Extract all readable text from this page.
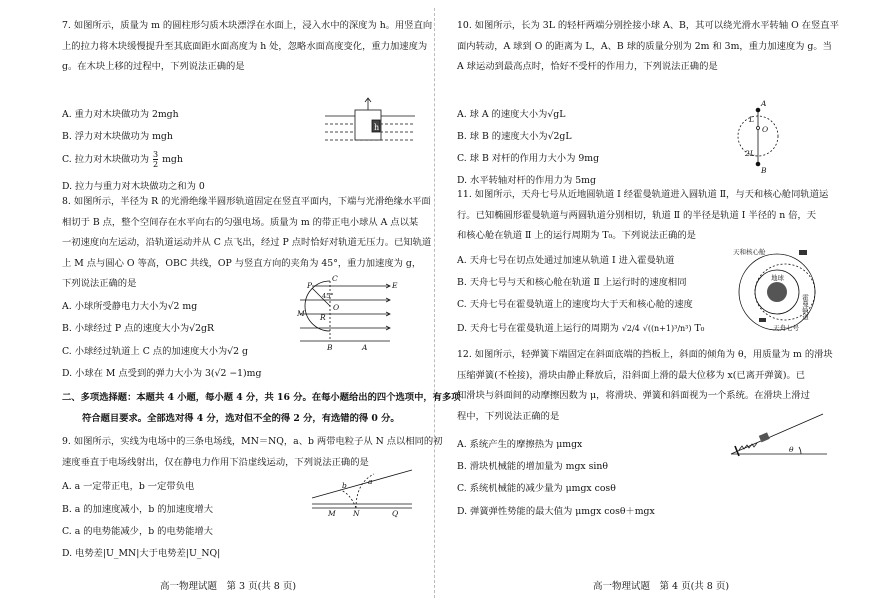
7. 如图所示，质量为 m 的圆柱形匀质木块漂浮在水面上，浸入水中的深度为 h。用竖直向
上的拉力将木块缓慢提升至其底面距水面高度为 h 处，忽略水面高度变化，重力加速度为
g。在木块上移的过程中，下列说法正确的是
A. 重力对木块做功为 2mgh
B. 浮力对木块做功为 mgh
C. 拉力对木块做功为 $\frac{3}{2}$ mgh
D. 拉力与重力对木块做功之和为 0
h
8. 如图所示，半径为 R 的光滑绝缘半圆形轨道固定在竖直平面内，下端与光滑绝缘水平面
相切于 B 点，整个空间存在水平向右的匀强电场。质量为 m 的带正电小球从 A 点以某
一初速度向左运动，沿轨道运动并从 C 点飞出，经过 P 点时恰好对轨道无压力。已知轨道
上 M 点与圆心 O 等高，OBC 共线，OP 与竖直方向的夹角为 45°，重力加速度为 g，
下列说法正确的是
A. 小球所受静电力大小为√2 mg
B. 小球经过 P 点的速度大小为√2gR
C. 小球经过轨道上 C 点的加速度大小为√2 g
D. 小球在 M 点受到的弹力大小为 3(√2 −1)mg
C
P	E
M
O
R
B	A
45°
二、多项选择题：本题共 4 小题，每小题 4 分，共 16 分。在每小题给出的四个选项中，有多项
符合题目要求。全部选对得 4 分，选对但不全的得 2 分，有选错的得 0 分。
9. 如图所示，实线为电场中的三条电场线，MN＝NQ，a、b 两带电粒子从 N 点以相同的初
速度垂直于电场线射出，仅在静电力作用下沿虚线运动，下列说法正确的是
A. a 一定带正电，b 一定带负电
B. a 的加速度减小，b 的加速度增大
C. a 的电势能减少，b 的电势能增大
D. 电势差|U_MN|大于电势差|U_NQ|
a
b
M N	Q
高一物理试题　第 3 页(共 8 页)
10. 如图所示，长为 3L 的轻杆两端分别拴接小球 A、B，其可以绕光滑水平转轴 O 在竖直平
面内转动，A 球到 O 的距离为 L，A、B 球的质量分别为 2m 和 3m，重力加速度为 g。当
A 球运动到最高点时，恰好不受杆的作用力，下列说法正确的是
A. 球 A 的速度大小为√gL
B. 球 B 的速度大小为√2gL
C. 球 B 对杆的作用力大小为 9mg
D. 水平转轴对杆的作用力为 5mg
A
L
O
2L
B
11. 如图所示，天舟七号从近地圆轨道 Ⅰ 经霍曼轨道进入圆轨道 Ⅱ，与天和核心舱同轨道运
行。已知椭圆形霍曼轨道与两圆轨道分别相切，轨道 Ⅱ 的半径是轨道 Ⅰ 半径的 n 倍，天
和核心舱在轨道 Ⅱ 上的运行周期为 T₀。下列说法正确的是
A. 天舟七号在切点处通过加速从轨道 Ⅰ 进入霍曼轨道
B. 天舟七号与天和核心舱在轨道 Ⅱ 上运行时的速度相同
C. 天舟七号在霍曼轨道上的速度均大于天和核心舱的速度
D. 天舟七号在霍曼轨道上运行的周期为 √2/4 √((n+1)³/n³) T₀
天和核心舱
地球
霍曼轨道
天舟七号
12. 如图所示，轻弹簧下端固定在斜面底端的挡板上，斜面的倾角为 θ，用质量为 m 的滑块
压缩弹簧(不栓接)，滑块由静止释放后，沿斜面上滑的最大位移为 x(已离开弹簧)。已
知滑块与斜面间的动摩擦因数为 μ，将滑块、弹簧和斜面视为一个系统。在滑块上滑过
程中，下列说法正确的是
A. 系统产生的摩擦热为 μmgx
B. 滑块机械能的增加量为 mgx sinθ
C. 系统机械能的减少量为 μmgx cosθ
D. 弹簧弹性势能的最大值为 μmgx cosθ＋mgx
θ
高一物理试题　第 4 页(共 8 页)
